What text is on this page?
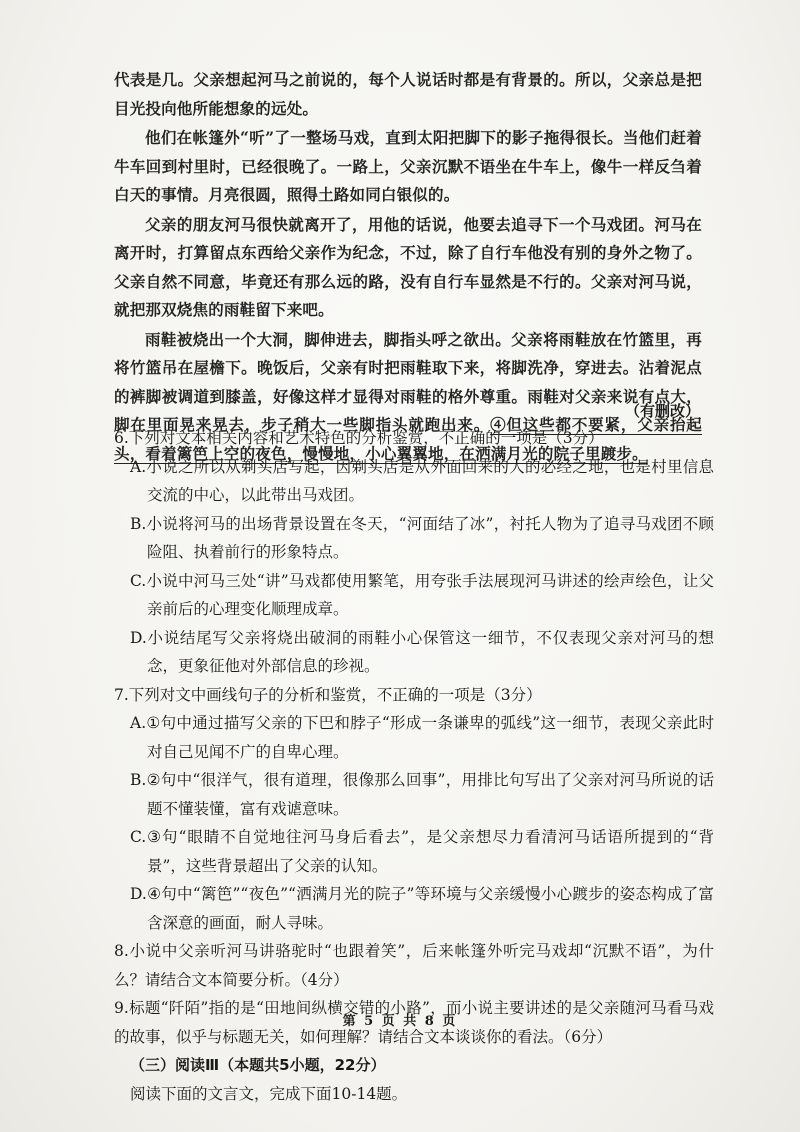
代表是几。父亲想起河马之前说的，每个人说话时都是有背景的。所以，父亲总是把目光投向他所能想象的远处。

他们在帐篷外“听”了一整场马戏，直到太阳把脚下的影子拖得很长。当他们赶着牛车回到村里时，已经很晚了。一路上，父亲沉默不语坐在牛车上，像牛一样反刍着白天的事情。月亮很圆，照得土路如同白银似的。

父亲的朋友河马很快就离开了，用他的话说，他要去追寻下一个马戏团。河马在离开时，打算留点东西给父亲作为纪念，不过，除了自行车他没有别的身外之物了。父亲自然不同意，毕竟还有那么远的路，没有自行车显然是不行的。父亲对河马说，就把那双烧焦的雨鞋留下来吧。

雨鞋被烧出一个大洞，脚伸进去，脚指头呼之欲出。父亲将雨鞋放在竹篮里，再将竹篮吊在屋檐下。晚饭后，父亲有时把雨鞋取下来，将脚洗净，穿进去。沾着泥点的裤脚被调道到膝盖，好像这样才显得对雨鞋的格外尊重。雨鞋对父亲来说有点大，脚在里面晃来晃去，步子稍大一些脚指头就跑出来。④但这些都不要紧，父亲抬起头，看着篱笆上空的夜色，慢慢地，小心翼翼地，在洒满月光的院子里踱步。

（有删改）

6.下列对文本相关内容和艺术特色的分析鉴赏，不正确的一项是（3分）

A.小说之所以从剃头店写起，因剃头店是从外面回来的人的必经之地，也是村里信息交流的中心，以此带出马戏团。

B.小说将河马的出场背景设置在冬天，“河面结了冰”，衬托人物为了追寻马戏团不顾险阻、执着前行的形象特点。

C.小说中河马三处“讲”马戏都使用繁笔，用夸张手法展现河马讲述的绘声绘色，让父亲前后的心理变化顺理成章。

D.小说结尾写父亲将烧出破洞的雨鞋小心保管这一细节，不仅表现父亲对河马的想念，更象征他对外部信息的珍视。

7.下列对文中画线句子的分析和鉴赏，不正确的一项是（3分）

A.①句中通过描写父亲的下巴和脖子“形成一条谦卑的弧线”这一细节，表现父亲此时对自己见闻不广的自卑心理。

B.②句中“很洋气，很有道理，很像那么回事”，用排比句写出了父亲对河马所说的话题不懂装懂，富有戏谑意味。

C.③句“眼睛不自觉地往河马身后看去”，是父亲想尽力看清河马话语所提到的“背景”，这些背景超出了父亲的认知。

D.④句中“篱笆”“夜色”“洒满月光的院子”等环境与父亲缓慢小心踱步的姿态构成了富含深意的画面，耐人寻味。

8.小说中父亲听河马讲骆驼时“也跟着笑”，后来帐篷外听完马戏却“沉默不语”，为什么？请结合文本简要分析。（4分）

9.标题“阡陌”指的是“田地间纵横交错的小路”，而小说主要讲述的是父亲随河马看马戏的故事，似乎与标题无关，如何理解？请结合文本谈谈你的看法。（6分）

（三）阅读Ⅲ（本题共5小题，22分）

阅读下面的文言文，完成下面10-14题。

第 5 页 共 8 页
